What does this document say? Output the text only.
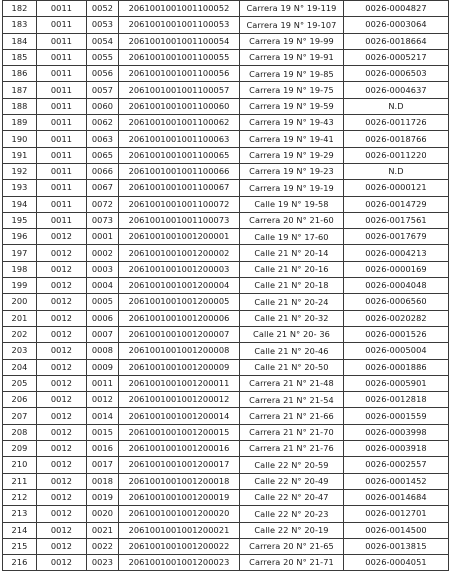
182	0011	0052	2061001001001100052	Carrera 19 N° 19-119	0026-0004827
183	0011	0053	2061001001001100053	Carrera 19 N° 19-107	0026-0003064
184	0011	0054	2061001001001100054	Carrera 19 N° 19-99	0026-0018664
185	0011	0055	2061001001001100055	Carrera 19 N° 19-91	0026-0005217
186	0011	0056	2061001001001100056	Carrera 19 N° 19-85	0026-0006503
187	0011	0057	2061001001001100057	Carrera 19 N° 19-75	0026-0004637
188	0011	0060	2061001001001100060	Carrera 19 N° 19-59	N.D
189	0011	0062	2061001001001100062	Carrera 19 N° 19-43	0026-0011726
190	0011	0063	2061001001001100063	Carrera 19 N° 19-41	0026-0018766
191	0011	0065	2061001001001100065	Carrera 19 N° 19-29	0026-0011220
192	0011	0066	2061001001001100066	Carrera 19 N° 19-23	N.D
193	0011	0067	2061001001001100067	Carrera 19 N° 19-19	0026-0000121
194	0011	0072	2061001001001100072	Calle 19 N° 19-58	0026-0014729
195	0011	0073	2061001001001100073	Carrera 20 N° 21-60	0026-0017561
196	0012	0001	2061001001001200001	Calle 19 N° 17-60	0026-0017679
197	0012	0002	2061001001001200002	Calle 21 N° 20-14	0026-0004213
198	0012	0003	2061001001001200003	Calle 21 N° 20-16	0026-0000169
199	0012	0004	2061001001001200004	Calle 21 N° 20-18	0026-0004048
200	0012	0005	2061001001001200005	Calle 21 N° 20-24	0026-0006560
201	0012	0006	2061001001001200006	Calle 21 N° 20-32	0026-0020282
202	0012	0007	2061001001001200007	Calle 21 N° 20- 36	0026-0001526
203	0012	0008	2061001001001200008	Calle 21 N° 20-46	0026-0005004
204	0012	0009	2061001001001200009	Calle 21 N° 20-50	0026-0001886
205	0012	0011	2061001001001200011	Carrera 21 N° 21-48	0026-0005901
206	0012	0012	2061001001001200012	Carrera 21 N° 21-54	0026-0012818
207	0012	0014	2061001001001200014	Carrera 21 N° 21-66	0026-0001559
208	0012	0015	2061001001001200015	Carrera 21 N° 21-70	0026-0003998
209	0012	0016	2061001001001200016	Carrera 21 N° 21-76	0026-0003918
210	0012	0017	2061001001001200017	Calle 22 N° 20-59	0026-0002557
211	0012	0018	2061001001001200018	Calle 22 N° 20-49	0026-0001452
212	0012	0019	2061001001001200019	Calle 22 N° 20-47	0026-0014684
213	0012	0020	2061001001001200020	Calle 22 N° 20-23	0026-0012701
214	0012	0021	2061001001001200021	Calle 22 N° 20-19	0026-0014500
215	0012	0022	2061001001001200022	Carrera 20 N° 21-65	0026-0013815
216	0012	0023	2061001001001200023	Carrera 20 N° 21-71	0026-0004051
